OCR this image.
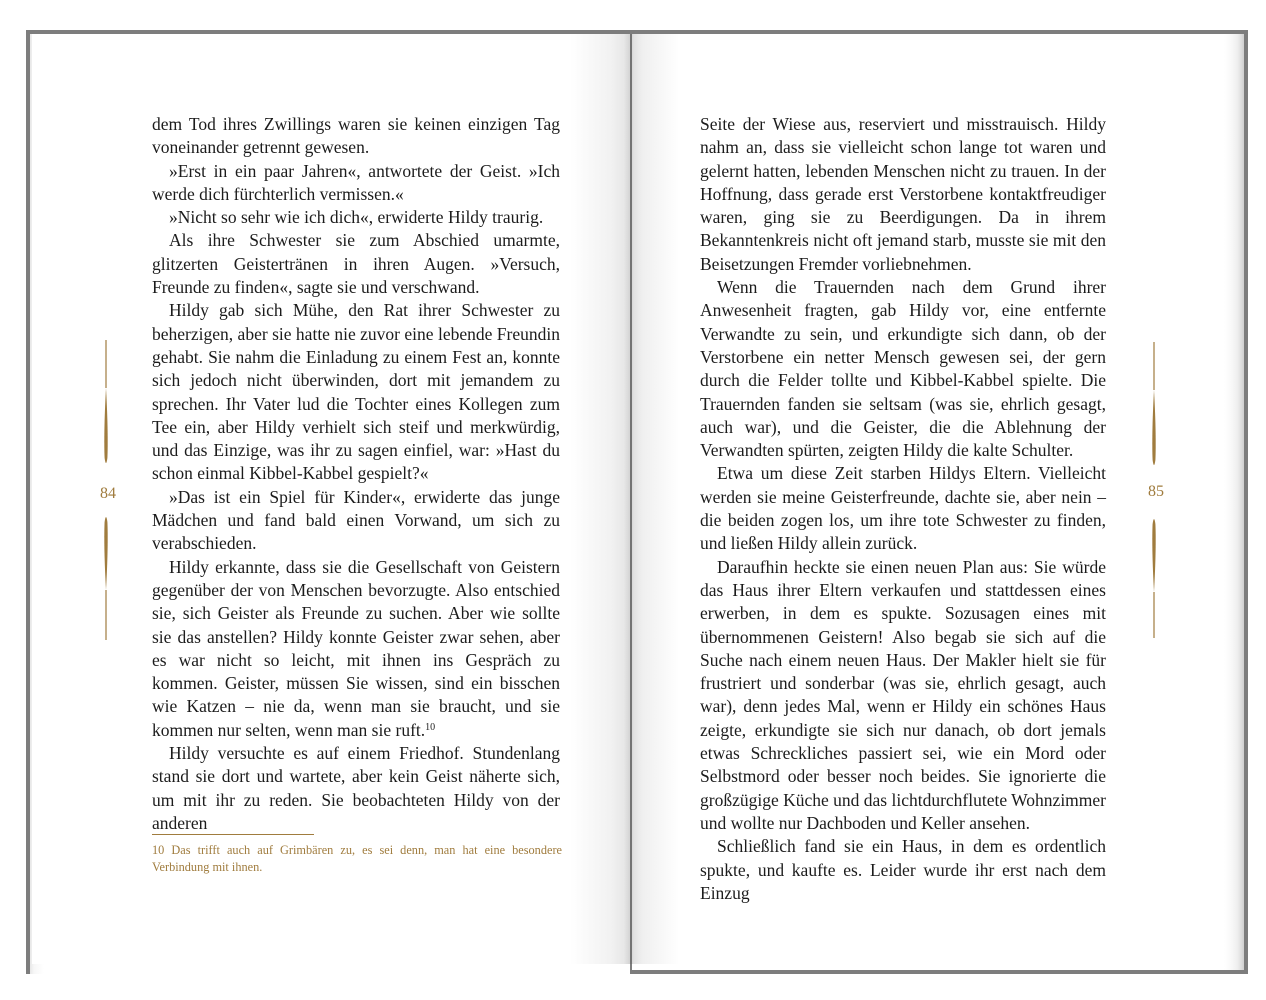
dem Tod ihres Zwillings waren sie keinen einzigen Tag voneinander getrennt gewesen.

»Erst in ein paar Jahren«, antwortete der Geist. »Ich werde dich fürchterlich vermissen.«

»Nicht so sehr wie ich dich«, erwiderte Hildy traurig.

Als ihre Schwester sie zum Abschied umarmte, glitzerten Geistertränen in ihren Augen. »Versuch, Freunde zu finden«, sagte sie und verschwand.

Hildy gab sich Mühe, den Rat ihrer Schwester zu beherzigen, aber sie hatte nie zuvor eine lebende Freundin gehabt. Sie nahm die Einladung zu einem Fest an, konnte sich jedoch nicht überwinden, dort mit jemandem zu sprechen. Ihr Vater lud die Tochter eines Kollegen zum Tee ein, aber Hildy verhielt sich steif und merkwürdig, und das Einzige, was ihr zu sagen einfiel, war: »Hast du schon einmal Kibbel-Kabbel gespielt?«

»Das ist ein Spiel für Kinder«, erwiderte das junge Mädchen und fand bald einen Vorwand, um sich zu verabschieden.

Hildy erkannte, dass sie die Gesellschaft von Geistern gegenüber der von Menschen bevorzugte. Also entschied sie, sich Geister als Freunde zu suchen. Aber wie sollte sie das anstellen? Hildy konnte Geister zwar sehen, aber es war nicht so leicht, mit ihnen ins Gespräch zu kommen. Geister, müssen Sie wissen, sind ein bisschen wie Katzen – nie da, wenn man sie braucht, und sie kommen nur selten, wenn man sie ruft.$^{10}$

Hildy versuchte es auf einem Friedhof. Stundenlang stand sie dort und wartete, aber kein Geist näherte sich, um mit ihr zu reden. Sie beobachteten Hildy von der anderen

84
10 Das trifft auch auf Grimbären zu, es sei denn, man hat eine besondere Verbindung mit ihnen.

Seite der Wiese aus, reserviert und misstrauisch. Hildy nahm an, dass sie vielleicht schon lange tot waren und gelernt hatten, lebenden Menschen nicht zu trauen. In der Hoffnung, dass gerade erst Verstorbene kontaktfreudiger waren, ging sie zu Beerdigungen. Da in ihrem Bekanntenkreis nicht oft jemand starb, musste sie mit den Beisetzungen Fremder vorliebnehmen.

Wenn die Trauernden nach dem Grund ihrer Anwesenheit fragten, gab Hildy vor, eine entfernte Verwandte zu sein, und erkundigte sich dann, ob der Verstorbene ein netter Mensch gewesen sei, der gern durch die Felder tollte und Kibbel-Kabbel spielte. Die Trauernden fanden sie seltsam (was sie, ehrlich gesagt, auch war), und die Geister, die die Ablehnung der Verwandten spürten, zeigten Hildy die kalte Schulter.

Etwa um diese Zeit starben Hildys Eltern. Vielleicht werden sie meine Geisterfreunde, dachte sie, aber nein – die beiden zogen los, um ihre tote Schwester zu finden, und ließen Hildy allein zurück.

Daraufhin heckte sie einen neuen Plan aus: Sie würde das Haus ihrer Eltern verkaufen und stattdessen eines erwerben, in dem es spukte. Sozusagen eines mit übernommenen Geistern! Also begab sie sich auf die Suche nach einem neuen Haus. Der Makler hielt sie für frustriert und sonderbar (was sie, ehrlich gesagt, auch war), denn jedes Mal, wenn er Hildy ein schönes Haus zeigte, erkundigte sie sich nur danach, ob dort jemals etwas Schreckliches passiert sei, wie ein Mord oder Selbstmord oder besser noch beides. Sie ignorierte die großzügige Küche und das lichtdurchflutete Wohnzimmer und wollte nur Dachboden und Keller ansehen.

Schließlich fand sie ein Haus, in dem es ordentlich spukte, und kaufte es. Leider wurde ihr erst nach dem Einzug

85
